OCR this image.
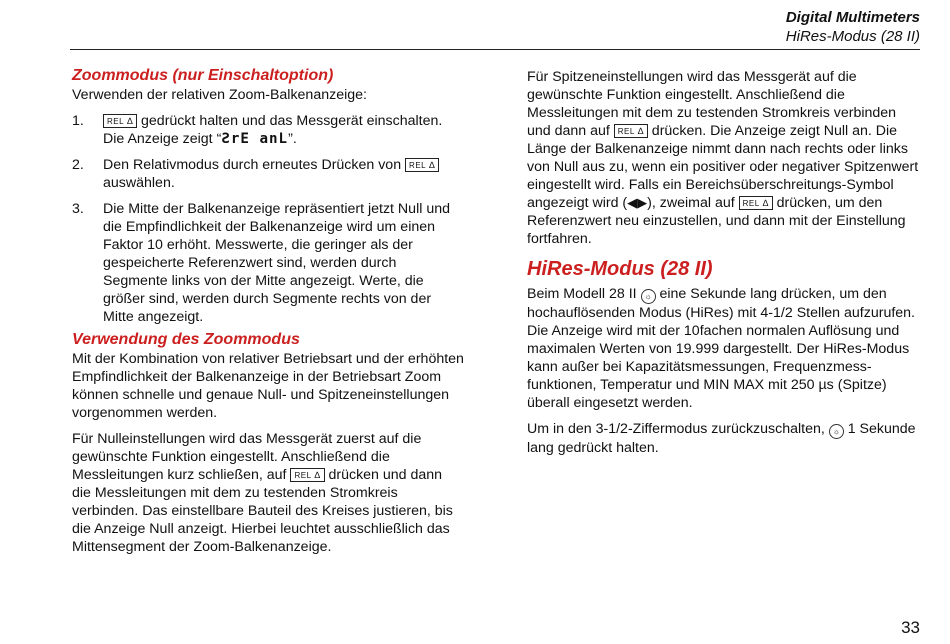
Digital Multimeters
HiRes-Modus (28 II)
Zoommodus (nur Einschaltoption)

Verwenden der relativen Zoom-Balkenanzeige:

1.	REL ∆ gedrückt halten und das Messgerät einschalten. Die Anzeige zeigt “ƧrE anL”.
2. Den Relativmodus durch erneutes Drücken von REL ∆ auswählen.
3. Die Mitte der Balkenanzeige repräsentiert jetzt Null und die Empfindlichkeit der Balkenanzeige wird um einen Faktor 10 erhöht. Messwerte, die geringer als der gespeicherte Referenzwert sind, werden durch Segmente links von der Mitte angezeigt. Werte, die größer sind, werden durch Segmente rechts von der Mitte angezeigt.
Verwendung des Zoommodus

Mit der Kombination von relativer Betriebsart und der erhöhten Empfindlichkeit der Balkenanzeige in der Betriebsart Zoom können schnelle und genaue Null- und Spitzeneinstellungen vorgenommen werden.

Für Nulleinstellungen wird das Messgerät zuerst auf die gewünschte Funktion eingestellt. Anschließend die Messleitungen kurz schließen, auf REL ∆ drücken und dann die Messleitungen mit dem zu testenden Stromkreis verbinden. Das einstellbare Bauteil des Kreises justieren, bis die Anzeige Null anzeigt. Hierbei leuchtet ausschließlich das Mittensegment der Zoom-Balkenanzeige.

Für Spitzeneinstellungen wird das Messgerät auf die gewünschte Funktion eingestellt. Anschließend die Messleitungen mit dem zu testenden Stromkreis verbinden und dann auf REL ∆ drücken. Die Anzeige zeigt Null an. Die Länge der Balkenanzeige nimmt dann nach rechts oder links von Null aus zu, wenn ein positiver oder negativer Spitzenwert eingestellt wird. Falls ein Bereichsüberschreitungs-Symbol angezeigt wird (◀▶), zweimal auf REL ∆ drücken, um den Referenzwert neu einzustellen, und dann mit der Einstellung fortfahren.

HiRes-Modus (28 II)

Beim Modell 28 II ☼ eine Sekunde lang drücken, um den hochauflösenden Modus (HiRes) mit 4-1/2 Stellen aufzurufen. Die Anzeige wird mit der 10fachen normalen Auflösung und maximalen Werten von 19.999 dargestellt. Der HiRes-Modus kann außer bei Kapazitätsmessungen, Frequenzmess-funktionen, Temperatur und MIN MAX mit 250 µs (Spitze) überall eingesetzt werden.

Um in den 3-1/2-Ziffermodus zurückzuschalten, ☼ 1 Sekunde lang gedrückt halten.

33
